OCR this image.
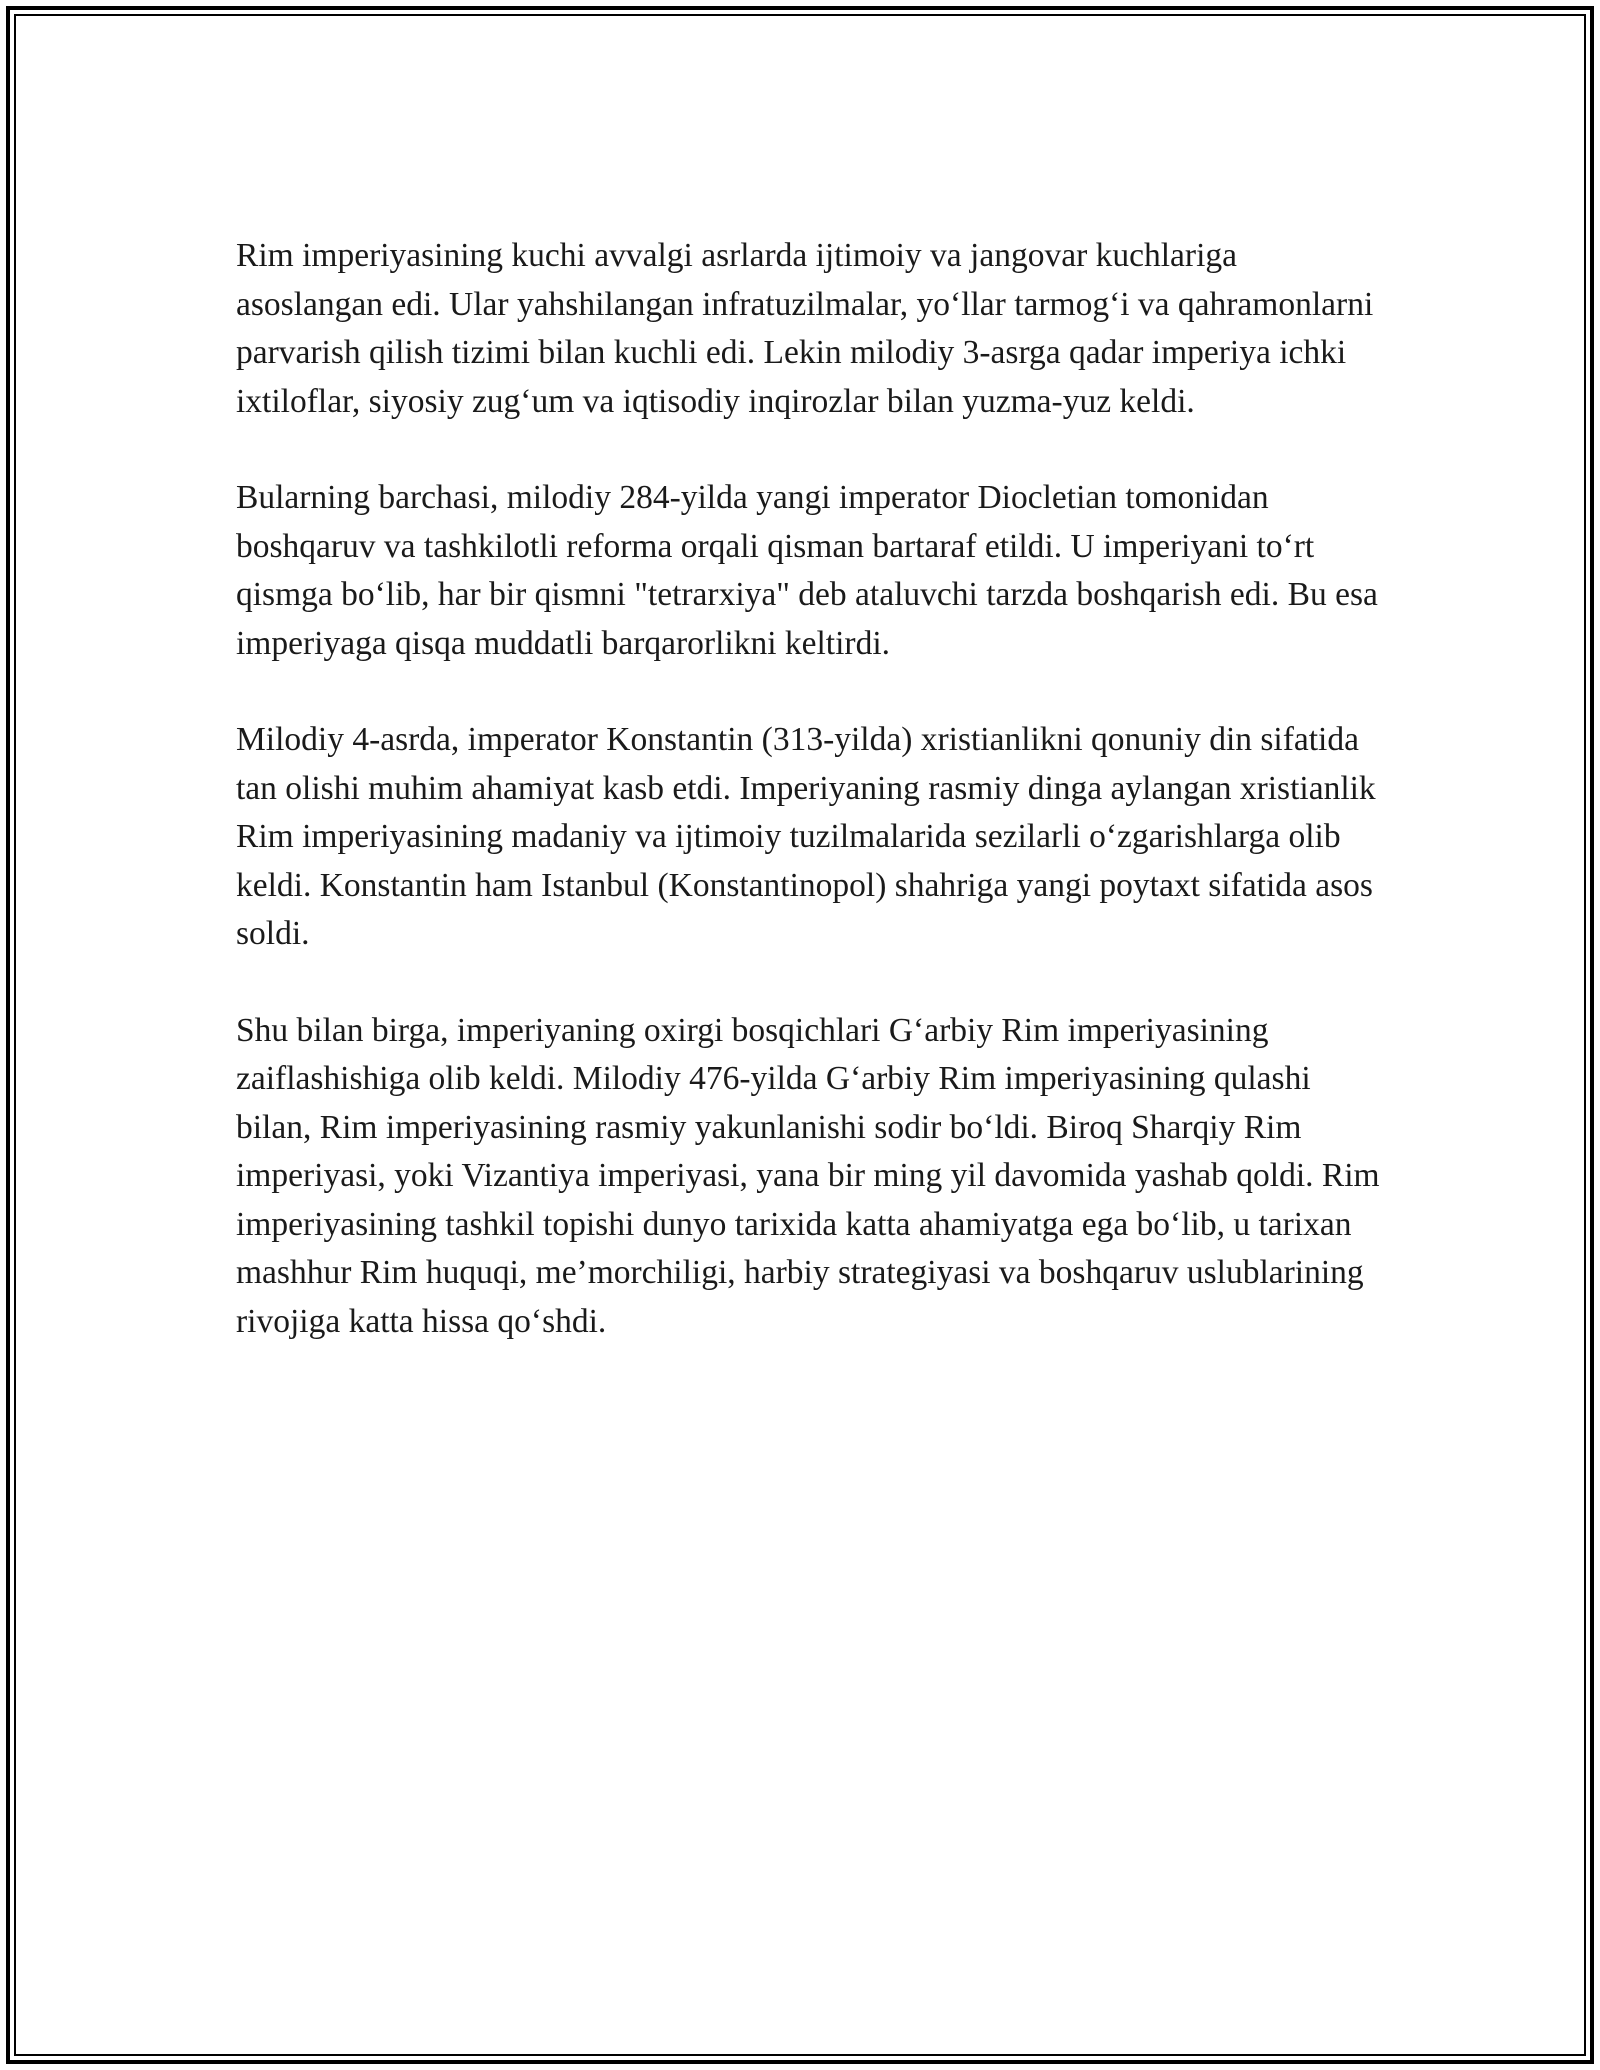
Rim imperiyasining kuchi avvalgi asrlarda ijtimoiy va jangovar kuchlariga asoslangan edi. Ular yahshilangan infratuzilmalar, yo‘llar tarmog‘i va qahramonlarni parvarish qilish tizimi bilan kuchli edi. Lekin milodiy 3-asrga qadar imperiya ichki ixtiloflar, siyosiy zug‘um va iqtisodiy inqirozlar bilan yuzma-yuz keldi.

Bularning barchasi, milodiy 284-yilda yangi imperator Diocletian tomonidan boshqaruv va tashkilotli reforma orqali qisman bartaraf etildi. U imperiyani to‘rt qismga bo‘lib, har bir qismni "tetrarxiya" deb ataluvchi tarzda boshqarish edi. Bu esa imperiyaga qisqa muddatli barqarorlikni keltirdi.

Milodiy 4-asrda, imperator Konstantin (313-yilda) xristianlikni qonuniy din sifatida tan olishi muhim ahamiyat kasb etdi. Imperiyaning rasmiy dinga aylangan xristianlik Rim imperiyasining madaniy va ijtimoiy tuzilmalarida sezilarli o‘zgarishlarga olib keldi. Konstantin ham Istanbul (Konstantinopol) shahriga yangi poytaxt sifatida asos soldi.

Shu bilan birga, imperiyaning oxirgi bosqichlari G‘arbiy Rim imperiyasining zaiflashishiga olib keldi. Milodiy 476-yilda G‘arbiy Rim imperiyasining qulashi bilan, Rim imperiyasining rasmiy yakunlanishi sodir bo‘ldi. Biroq Sharqiy Rim imperiyasi, yoki Vizantiya imperiyasi, yana bir ming yil davomida yashab qoldi. Rim imperiyasining tashkil topishi dunyo tarixida katta ahamiyatga ega bo‘lib, u tarixan mashhur Rim huquqi, me’morchiligi, harbiy strategiyasi va boshqaruv uslublarining rivojiga katta hissa qo‘shdi.
